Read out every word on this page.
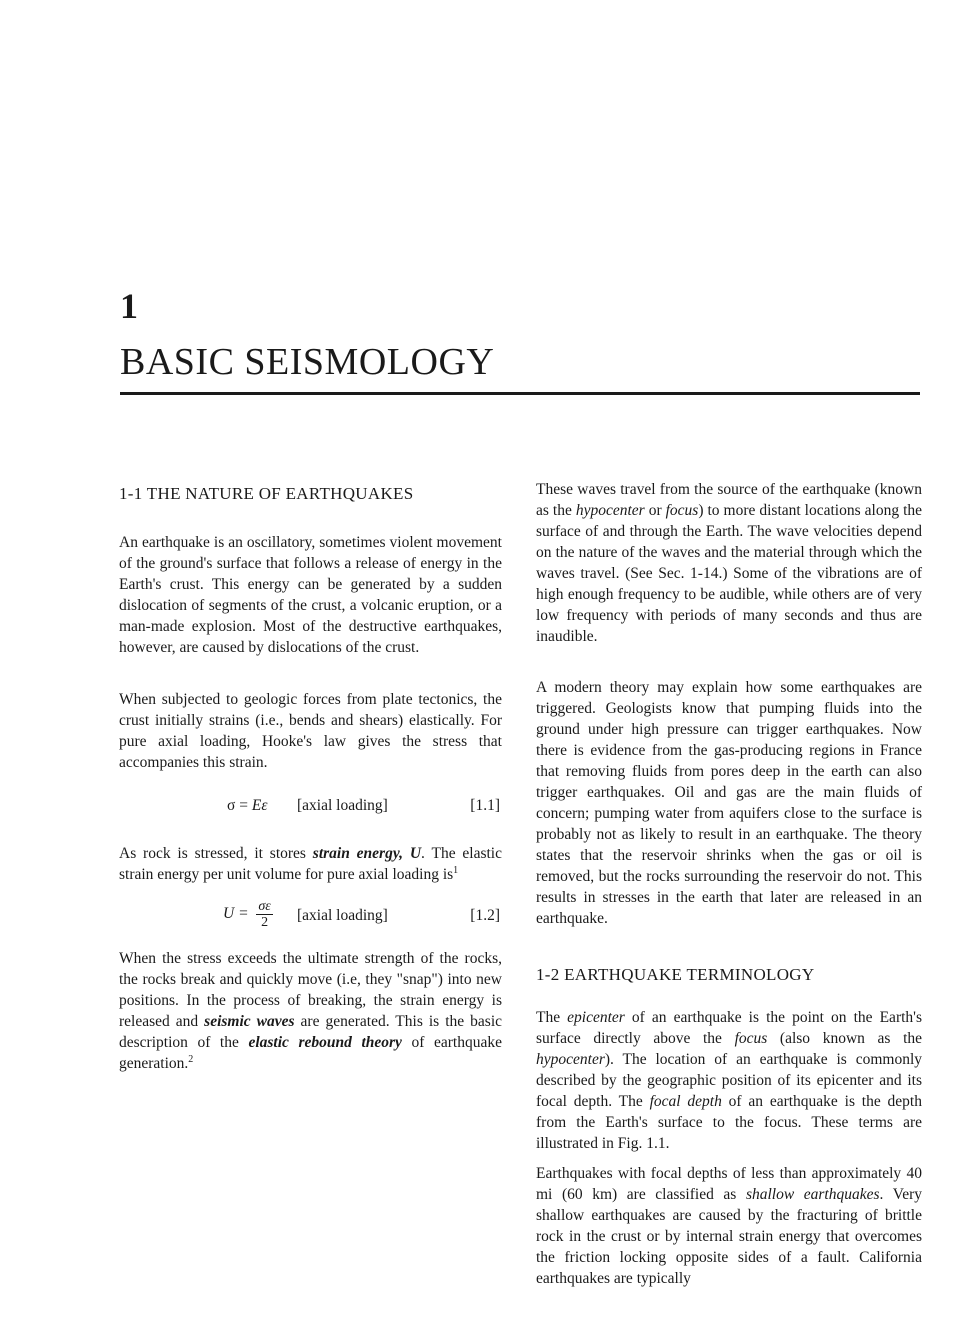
1
BASIC SEISMOLOGY
1-1 THE NATURE OF EARTHQUAKES

An earthquake is an oscillatory, sometimes violent movement of the ground's surface that follows a release of energy in the Earth's crust. This energy can be generated by a sudden dislocation of segments of the crust, a volcanic eruption, or a man-made explosion. Most of the destructive earthquakes, however, are caused by dislocations of the crust.

When subjected to geologic forces from plate tectonics, the crust initially strains (i.e., bends and shears) elastically. For pure axial loading, Hooke's law gives the stress that accompanies this strain.

σ = Eε [axial loading]	[1.1]

As rock is stressed, it stores strain energy, U. The elastic strain energy per unit volume for pure axial loading $is^1$

$U = \frac{\sigma\varepsilon}{2}$ [axial loading]	[1.2]

When the stress exceeds the ultimate strength of the rocks, the rocks break and quickly move (i.e, they "snap") into new positions. In the process of breaking, the strain energy is released and seismic waves are generated. This is the basic description of the elastic rebound theory of earthquake generation.$^2$

These waves travel from the source of the earthquake (known as the hypocenter or focus) to more distant locations along the surface of and through the Earth. The wave velocities depend on the nature of the waves and the material through which the waves travel. (See Sec. 1-14.) Some of the vibrations are of high enough frequency to be audible, while others are of very low frequency with periods of many seconds and thus are inaudible.

A modern theory may explain how some earthquakes are triggered. Geologists know that pumping fluids into the ground under high pressure can trigger earthquakes. Now there is evidence from the gas-producing regions in France that removing fluids from pores deep in the earth can also trigger earthquakes. Oil and gas are the main fluids of concern; pumping water from aquifers close to the surface is probably not as likely to result in an earthquake. The theory states that the reservoir shrinks when the gas or oil is removed, but the rocks surrounding the reservoir do not. This results in stresses in the earth that later are released in an earthquake.

1-2 EARTHQUAKE TERMINOLOGY

The epicenter of an earthquake is the point on the Earth's surface directly above the focus (also known as the hypocenter). The location of an earthquake is commonly described by the geographic position of its epicenter and its focal depth. The focal depth of an earthquake is the depth from the Earth's surface to the focus. These terms are illustrated in Fig. 1.1.

Earthquakes with focal depths of less than approximately 40 mi (60 km) are classified as shallow earthquakes. Very shallow earthquakes are caused by the fracturing of brittle rock in the crust or by internal strain energy that overcomes the friction locking opposite sides of a fault. California earthquakes are typically
